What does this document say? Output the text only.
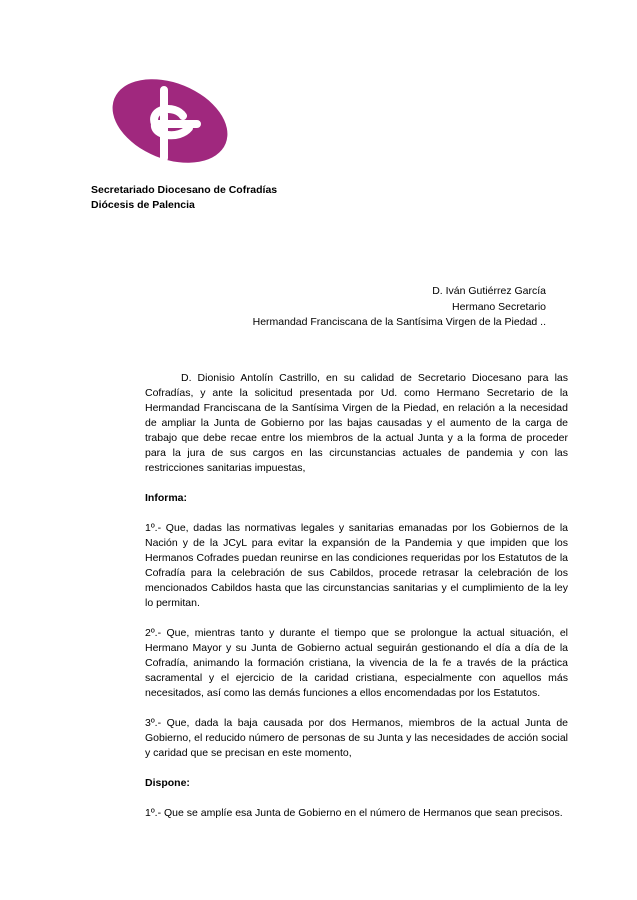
Secretariado Diocesano de Cofradías
Diócesis de Palencia
D. Iván Gutiérrez García
Hermano Secretario
Hermandad Franciscana de la Santísima Virgen de la Piedad ..

D. Dionisio Antolín Castrillo, en su calidad de Secretario Diocesano para las Cofradías, y ante la solicitud presentada por Ud. como Hermano Secretario de la Hermandad Franciscana de la Santísima Virgen de la Piedad, en relación a la necesidad de ampliar la Junta de Gobierno por las bajas causadas y el aumento de la carga de trabajo que debe recae entre los miembros de la actual Junta y a la forma de proceder para la jura de sus cargos en las circunstancias actuales de pandemia y con las restricciones sanitarias impuestas,

Informa:

1º.- Que, dadas las normativas legales y sanitarias emanadas por los Gobiernos de la Nación y de la JCyL para evitar la expansión de la Pandemia y que impiden que los Hermanos Cofrades puedan reunirse en las condiciones requeridas por los Estatutos de la Cofradía para la celebración de sus Cabildos, procede retrasar la celebración de los mencionados Cabildos hasta que las circunstancias sanitarias y el cumplimiento de la ley lo permitan.

2º.- Que, mientras tanto y durante el tiempo que se prolongue la actual situación, el Hermano Mayor y su Junta de Gobierno actual seguirán gestionando el día a día de la Cofradía, animando la formación cristiana, la vivencia de la fe a través de la práctica sacramental y el ejercicio de la caridad cristiana, especialmente con aquellos más necesitados, así como las demás funciones a ellos encomendadas por los Estatutos.

3º.- Que, dada la baja causada por dos Hermanos, miembros de la actual Junta de Gobierno, el reducido número de personas de su Junta y las necesidades de acción social y caridad que se precisan en este momento,

Dispone:

1º.- Que se amplíe esa Junta de Gobierno en el número de Hermanos que sean precisos.
